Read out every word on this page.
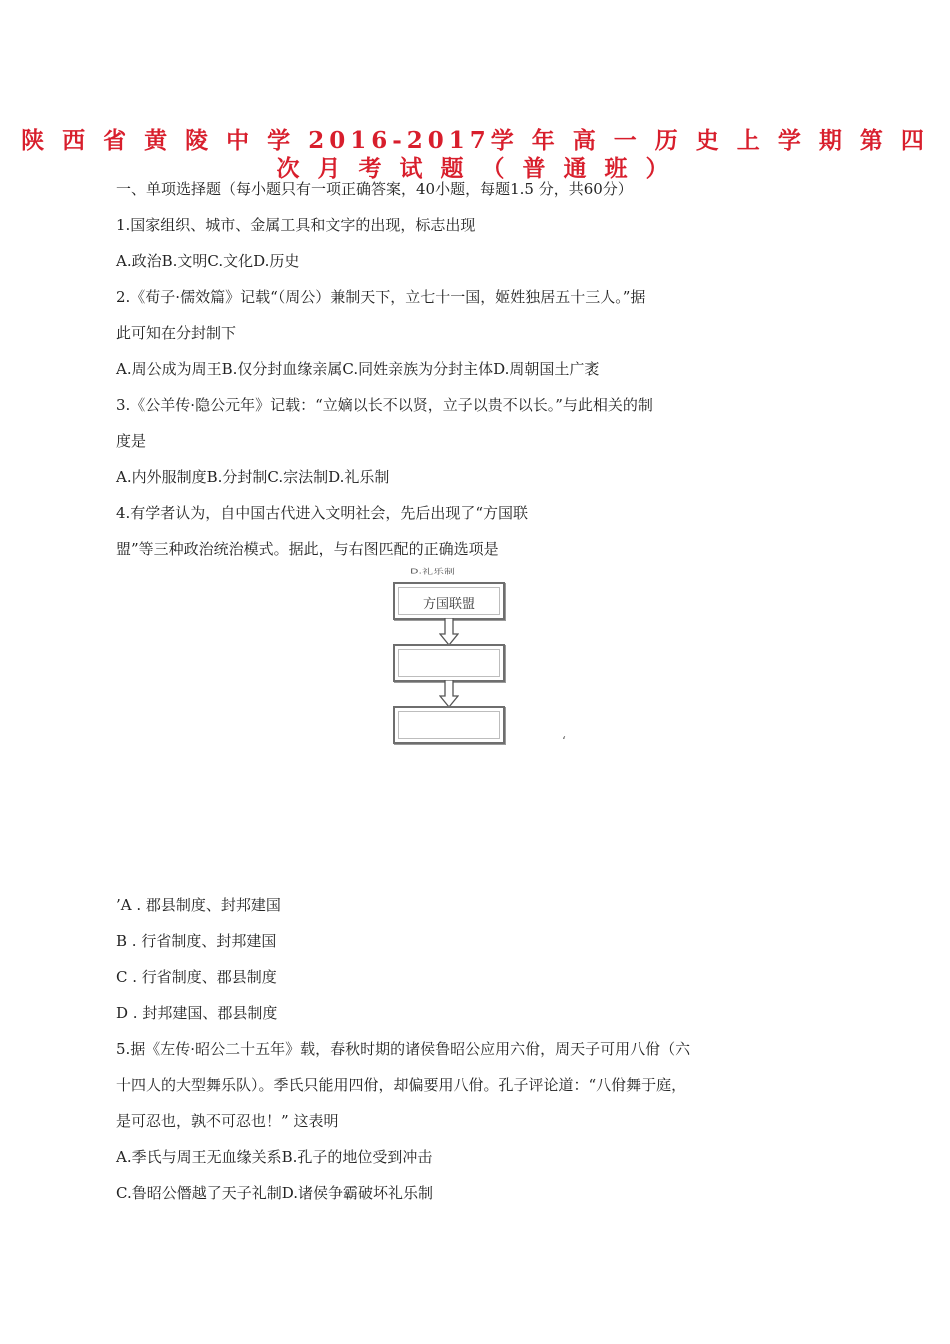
陕 西 省 黄 陵 中 学 2016-2017学 年 高 一 历 史 上 学 期 第 四
次 月 考 试 题 （ 普 通 班 ）

一、单项选择题（每小题只有一项正确答案，40小题，每题1.5 分，共60分）

1.国家组织、城市、金属工具和文字的出现，标志出现

A.政治B.文明C.文化D.历史

2.《荀子·儒效篇》记载“（周公）兼制天下，立七十一国，姬姓独居五十三人。”据

此可知在分封制下

A.周公成为周王B.仅分封血缘亲属C.同姓亲族为分封主体D.周朝国土广袤

3.《公羊传·隐公元年》记载：“立嫡以长不以贤，立子以贵不以长。”与此相关的制

度是

A.内外服制度B.分封制C.宗法制D.礼乐制

4.有学者认为，自中国古代进入文明社会，先后出现了“方国联

盟”等三种政治统治模式。据此，与右图匹配的正确选项是

D.礼乐制
方国联盟
‘

’A . 郡县制度、封邦建国

B . 行省制度、封邦建国

C . 行省制度、郡县制度

D . 封邦建国、郡县制度

5.据《左传·昭公二十五年》载，春秋时期的诸侯鲁昭公应用六佾，周天子可用八佾（六

十四人的大型舞乐队）。季氏只能用四佾，却偏要用八佾。孔子评论道：“八佾舞于庭，

是可忍也，孰不可忍也！” 这表明

A.季氏与周王无血缘关系B.孔子的地位受到冲击

C.鲁昭公僭越了天子礼制D.诸侯争霸破坏礼乐制
